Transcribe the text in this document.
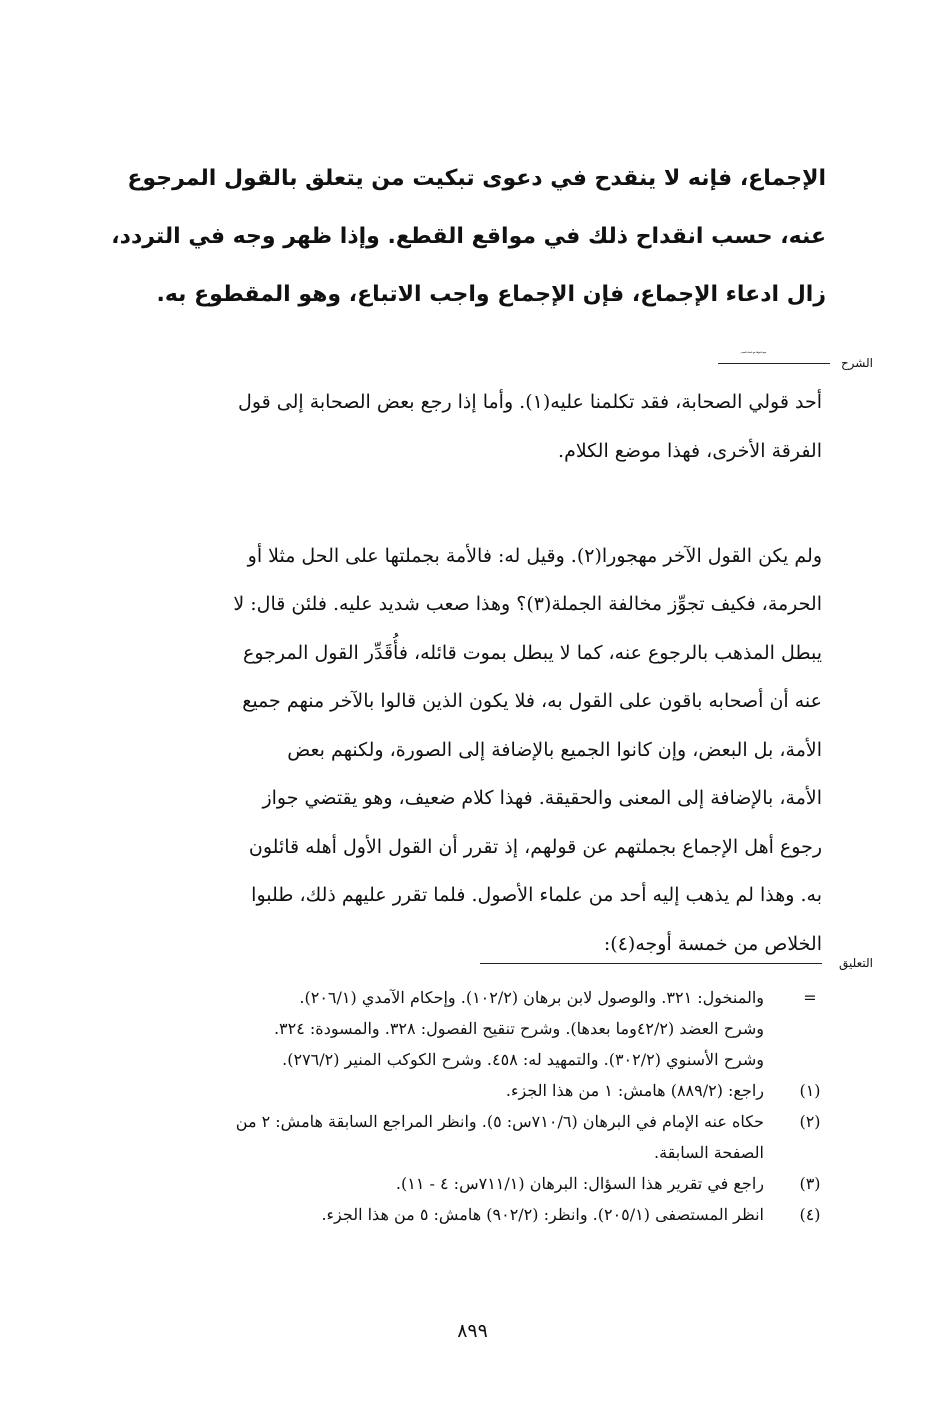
الإجماع، فإنه لا ينقدح في دعوى تبكيت من يتعلق بالقول المرجوع
عنه، حسب انقداح ذلك في مواقع القطع. وإذا ظهر وجه في التردد،
زال ادعاء الإجماع، فإن الإجماع واجب الاتباع، وهو المقطوع به.
فهذا قولنا مع اتحاد العصر.
الشرح
أحد قولي الصحابة، فقد تكلمنا عليه(١). وأما إذا رجع بعض الصحابة إلى قول
الفرقة الأخرى، فهذا موضع الكلام.
ولم يكن القول الآخر مهجورا(٢). وقيل له: فالأمة بجملتها على الحل مثلا أو
الحرمة، فكيف تجوِّز مخالفة الجملة(٣)؟ وهذا صعب شديد عليه. فلئن قال: لا
يبطل المذهب بالرجوع عنه، كما لا يبطل بموت قائله، فأُقَدِّر القول المرجوع
عنه أن أصحابه باقون على القول به، فلا يكون الذين قالوا بالآخر منهم جميع
الأمة، بل البعض، وإن كانوا الجميع بالإضافة إلى الصورة، ولكنهم بعض
الأمة، بالإضافة إلى المعنى والحقيقة. فهذا كلام ضعيف، وهو يقتضي جواز
رجوع أهل الإجماع بجملتهم عن قولهم، إذ تقرر أن القول الأول أهله قائلون
به. وهذا لم يذهب إليه أحد من علماء الأصول. فلما تقرر عليهم ذلك، طلبوا
الخلاص من خمسة أوجه(٤):
التعليق
=
والمنخول: ٣٢١. والوصول لابن برهان (١٠٢/٢). وإحكام الآمدي (٢٠٦/١).
وشرح العضد (٤٢/٢وما بعدها). وشرح تنقيح الفصول: ٣٢٨. والمسودة: ٣٢٤.
وشرح الأسنوي (٣٠٢/٢). والتمهيد له: ٤٥٨. وشرح الكوكب المنير (٢٧٦/٢).
(١)
راجع: (٨٨٩/٢) هامش: ١ من هذا الجزء.
(٢)
حكاه عنه الإمام في البرهان (٧١٠/٦س: ٥). وانظر المراجع السابقة هامش: ٢ من
الصفحة السابقة.
(٣)
راجع في تقرير هذا السؤال: البرهان (٧١١/١س: ٤ - ١١).
(٤)
انظر المستصفى (٢٠٥/١). وانظر: (٩٠٢/٢) هامش: ٥ من هذا الجزء.
٨٩٩
